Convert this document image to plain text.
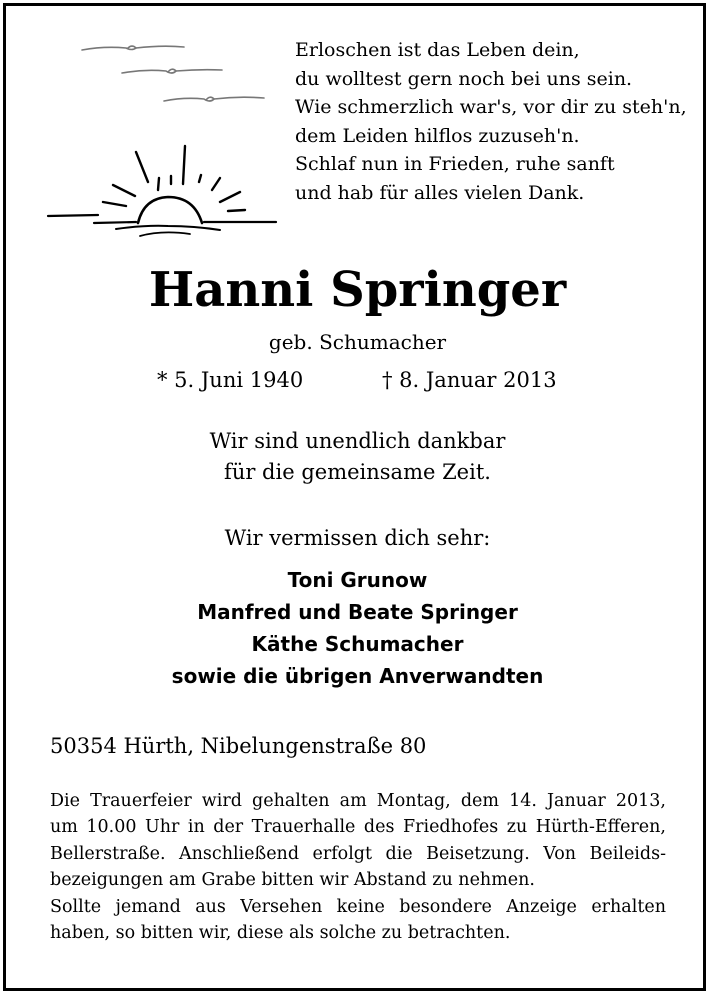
Erloschen ist das Leben dein,
du wolltest gern noch bei uns sein.
Wie schmerzlich war's, vor dir zu steh'n,
dem Leiden hilflos zuzuseh'n.
Schlaf nun in Frieden, ruhe sanft
und hab für alles vielen Dank.
Hanni Springer
geb. Schumacher
* 5. Juni 1940	† 8. Januar 2013
Wir sind unendlich dankbar
für die gemeinsame Zeit.
Wir vermissen dich sehr:
Toni Grunow
Manfred und Beate Springer
Käthe Schumacher
sowie die übrigen Anverwandten
50354 Hürth, Nibelungenstraße 80
Die Trauerfeier wird gehalten am Montag, dem 14. Januar 2013,
um 10.00 Uhr in der Trauerhalle des Friedhofes zu Hürth-Efferen,
Bellerstraße. Anschließend erfolgt die Beisetzung. Von Beileids-
bezeigungen am Grabe bitten wir Abstand zu nehmen.
Sollte jemand aus Versehen keine besondere Anzeige erhalten
haben, so bitten wir, diese als solche zu betrachten.
